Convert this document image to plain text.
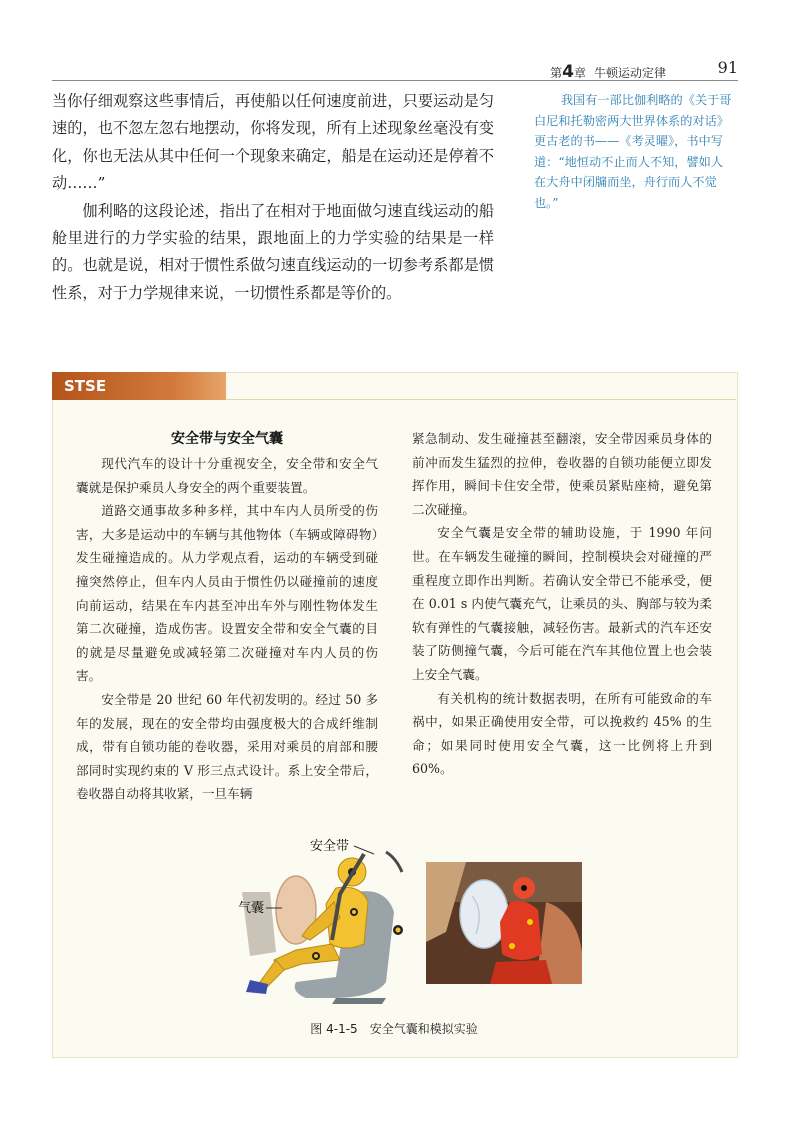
第4章 牛顿运动定律	91

当你仔细观察这些事情后，再使船以任何速度前进，只要运动是匀速的，也不忽左忽右地摆动，你将发现，所有上述现象丝毫没有变化，你也无法从其中任何一个现象来确定，船是在运动还是停着不动……”

伽利略的这段论述，指出了在相对于地面做匀速直线运动的船舱里进行的力学实验的结果，跟地面上的力学实验的结果是一样的。也就是说，相对于惯性系做匀速直线运动的一切参考系都是惯性系，对于力学规律来说，一切惯性系都是等价的。

我国有一部比伽利略的《关于哥白尼和托勒密两大世界体系的对话》更古老的书——《考灵曜》，书中写道：“地恒动不止而人不知，譬如人在大舟中闭牖而坐，舟行而人不觉也。”

STSE
安全带与安全气囊

现代汽车的设计十分重视安全，安全带和安全气囊就是保护乘员人身安全的两个重要装置。

道路交通事故多种多样，其中车内人员所受的伤害，大多是运动中的车辆与其他物体（车辆或障碍物）发生碰撞造成的。从力学观点看，运动的车辆受到碰撞突然停止，但车内人员由于惯性仍以碰撞前的速度向前运动，结果在车内甚至冲出车外与刚性物体发生第二次碰撞，造成伤害。设置安全带和安全气囊的目的就是尽量避免或减轻第二次碰撞对车内人员的伤害。

安全带是 20 世纪 60 年代初发明的。经过 50 多年的发展，现在的安全带均由强度极大的合成纤维制成，带有自锁功能的卷收器，采用对乘员的肩部和腰部同时实现约束的 V 形三点式设计。系上安全带后，卷收器自动将其收紧，一旦车辆

紧急制动、发生碰撞甚至翻滚，安全带因乘员身体的前冲而发生猛烈的拉伸，卷收器的自锁功能便立即发挥作用，瞬间卡住安全带，使乘员紧贴座椅，避免第二次碰撞。

安全气囊是安全带的辅助设施，于 1990 年问世。在车辆发生碰撞的瞬间，控制模块会对碰撞的严重程度立即作出判断。若确认安全带已不能承受，便在 0.01 s 内使气囊充气，让乘员的头、胸部与较为柔软有弹性的气囊接触，减轻伤害。最新式的汽车还安装了防侧撞气囊，今后可能在汽车其他位置上也会装上安全气囊。

有关机构的统计数据表明，在所有可能致命的车祸中，如果正确使用安全带，可以挽救约 45% 的生命；如果同时使用安全气囊，这一比例将上升到 60%。

安全带
气囊
图 4-1-5 安全气囊和模拟实验
